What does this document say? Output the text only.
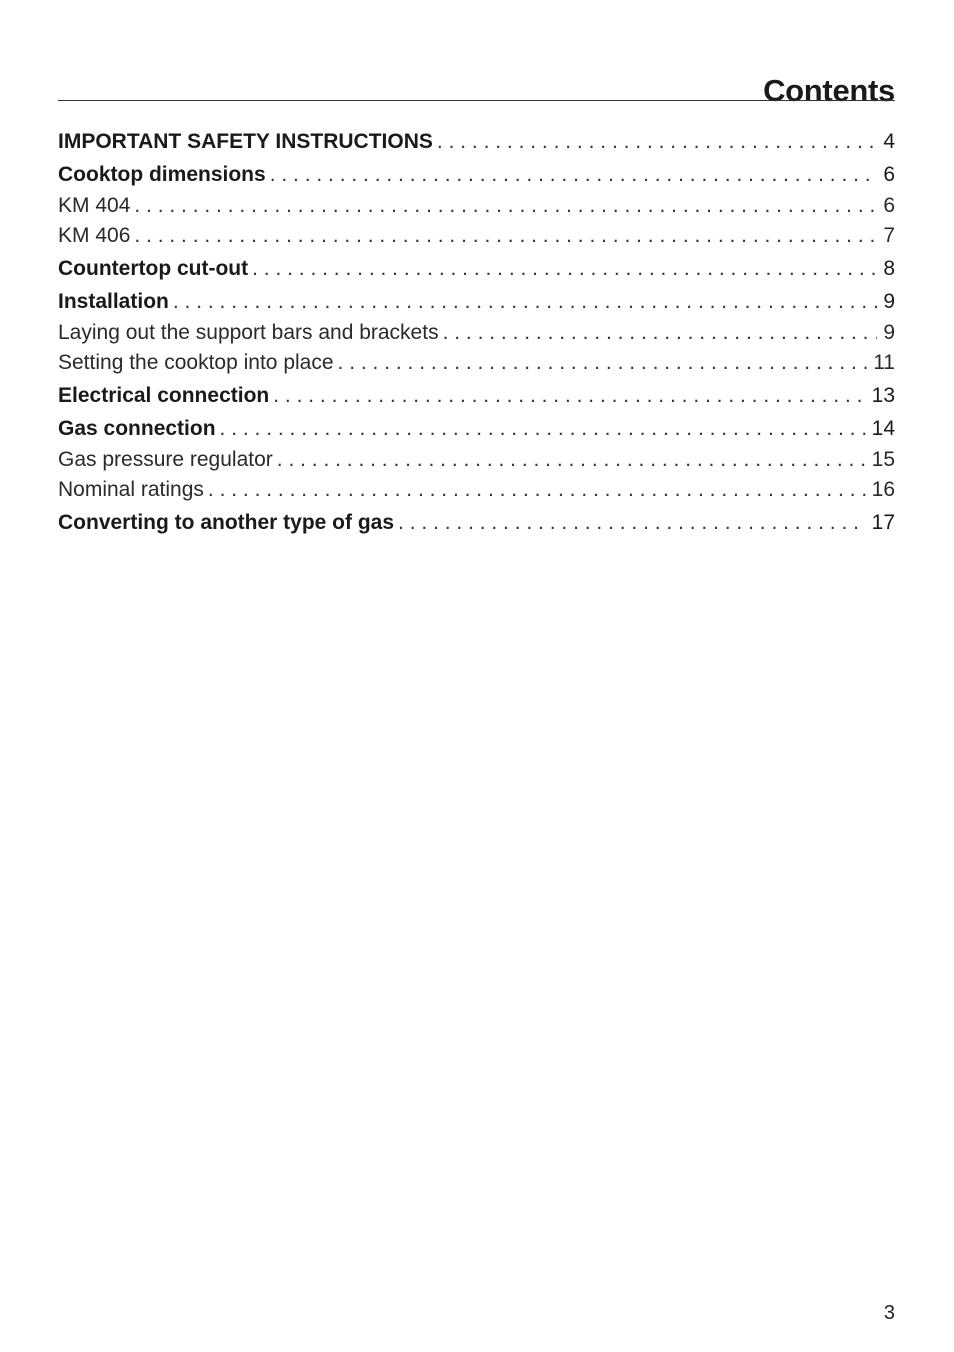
Contents
IMPORTANT SAFETY INSTRUCTIONS . . .	4
Cooktop dimensions . . .	6
KM 404 . . .	6
KM 406 . . .	7
Countertop cut-out . . .	8
Installation . . .	9
Laying out the support bars and brackets . . .	9
Setting the cooktop into place . . .	11
Electrical connection . . .	13
Gas connection . . .	14
Gas pressure regulator . . .	15
Nominal ratings . . .	16
Converting to another type of gas . . .	17
3
